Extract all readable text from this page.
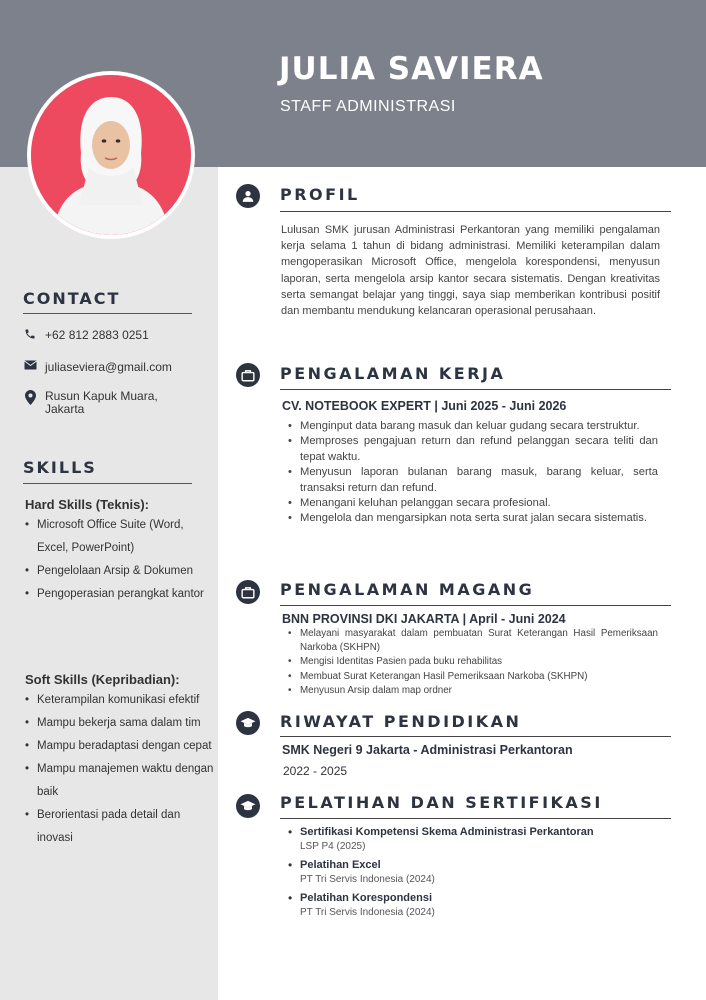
JULIA SAVIERA
STAFF ADMINISTRASI
CONTACT
+62 812 2883 0251
juliaseviera@gmail.com
Rusun Kapuk Muara,
Jakarta
SKILLS
Hard Skills (Teknis):
• Microsoft Office Suite (Word, Excel, PowerPoint)
• Pengelolaan Arsip & Dokumen
• Pengoperasian perangkat kantor
Soft Skills (Kepribadian):
• Keterampilan komunikasi efektif
• Mampu bekerja sama dalam tim
• Mampu beradaptasi dengan cepat
• Mampu manajemen waktu dengan baik
• Berorientasi pada detail dan inovasi
PROFIL

Lulusan SMK jurusan Administrasi Perkantoran yang memiliki pengalaman kerja selama 1 tahun di bidang administrasi. Memiliki keterampilan dalam mengoperasikan Microsoft Office, mengelola korespondensi, menyusun laporan, serta mengelola arsip kantor secara sistematis. Dengan kreativitas serta semangat belajar yang tinggi, saya siap memberikan kontribusi positif dan membantu mendukung kelancaran operasional perusahaan.

PENGALAMAN KERJA
CV. NOTEBOOK EXPERT | Juni 2025 - Juni 2026
• Menginput data barang masuk dan keluar gudang secara terstruktur.
• Memproses pengajuan return dan refund pelanggan secara teliti dan tepat waktu.
• Menyusun laporan bulanan barang masuk, barang keluar, serta transaksi return dan refund.
• Menangani keluhan pelanggan secara profesional.
• Mengelola dan mengarsipkan nota serta surat jalan secara sistematis.
PENGALAMAN MAGANG
BNN PROVINSI DKI JAKARTA | April - Juni 2024
• Melayani masyarakat dalam pembuatan Surat Keterangan Hasil Pemeriksaan Narkoba (SKHPN)
• Mengisi Identitas Pasien pada buku rehabilitas
• Membuat Surat Keterangan Hasil Pemeriksaan Narkoba (SKHPN)
• Menyusun Arsip dalam map ordner
RIWAYAT PENDIDIKAN
SMK Negeri 9 Jakarta - Administrasi Perkantoran
2022 - 2025
PELATIHAN DAN SERTIFIKASI
• Sertifikasi Kompetensi Skema Administrasi Perkantoran
LSP P4 (2025)
• Pelatihan Excel
PT Tri Servis Indonesia (2024)
• Pelatihan Korespondensi
PT Tri Servis Indonesia (2024)
